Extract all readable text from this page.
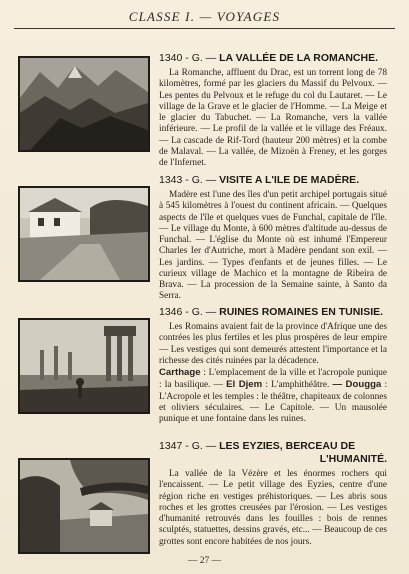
CLASSE I. — VOYAGES

1340 - G. — LA VALLÉE DE LA ROMANCHE.

La Romanche, affluent du Drac, est un torrent long de 78 kilomètres, formé par les glaciers du Massif du Pelvoux. — Les pentes du Pelvoux et le refuge du col du Lautaret. — Le village de la Grave et le glacier de l'Homme. — La Meige et le glacier du Tabuchet. — La Romanche, vers la vallée inférieure. — Le profil de la vallée et le village des Fréaux. — La cascade de Rif-Tord (hauteur 200 mètres) et la combe de Malaval. — La vallée, de Mizoën à Freney, et les gorges de l'Infernet.

1343 - G. — VISITE A L'ILE DE MADÈRE.

Madère est l'une des îles d'un petit archipel portugais situé à 545 kilomètres à l'ouest du continent africain. — Quelques aspects de l'île et quelques vues de Funchal, capitale de l'île. — Le village du Monte, à 600 mètres d'altitude au-dessus de Funchal. — L'église du Monte où est inhumé l'Empereur Charles Ier d'Autriche, mort à Madère pendant son exil. — Les jardins. — Types d'enfants et de jeunes filles. — Le curieux village de Machico et la montagne de Ribeira de Brava. — La procession de la Semaine sainte, à Santo da Serra.

1346 - G. — RUINES ROMAINES EN TUNISIE.

Les Romains avaient fait de la province d'Afrique une des contrées les plus fertiles et les plus prospères de leur empire — Les vestiges qui sont demeurés attestent l'importance et la richesse des cités ruinées par la décadence.
Carthage : L'emplacement de la ville et l'acropole punique : la basilique. — El Djem : L'amphithéâtre. — Dougga : L'Acropole et les temples : le théâtre, chapiteaux de colonnes et oliviers séculaires. — Le Capitole. — Un mausolée punique et une fontaine dans les ruines.

1347 - G. — LES EYZIES, BERCEAU DE
L'HUMANITÉ.

La vallée de la Vézère et les énormes rochers qui l'encaissent. — Le petit village des Eyzies, centre d'une région riche en vestiges préhistoriques. — Les abris sous roches et les grottes creusées par l'érosion. — Les vestiges d'humanité retrouvés dans les fouilles : bois de rennes sculptés, statuettes, dessins gravés, etc... — Beaucoup de ces grottes sont encore habitées de nos jours.

— 27 —
